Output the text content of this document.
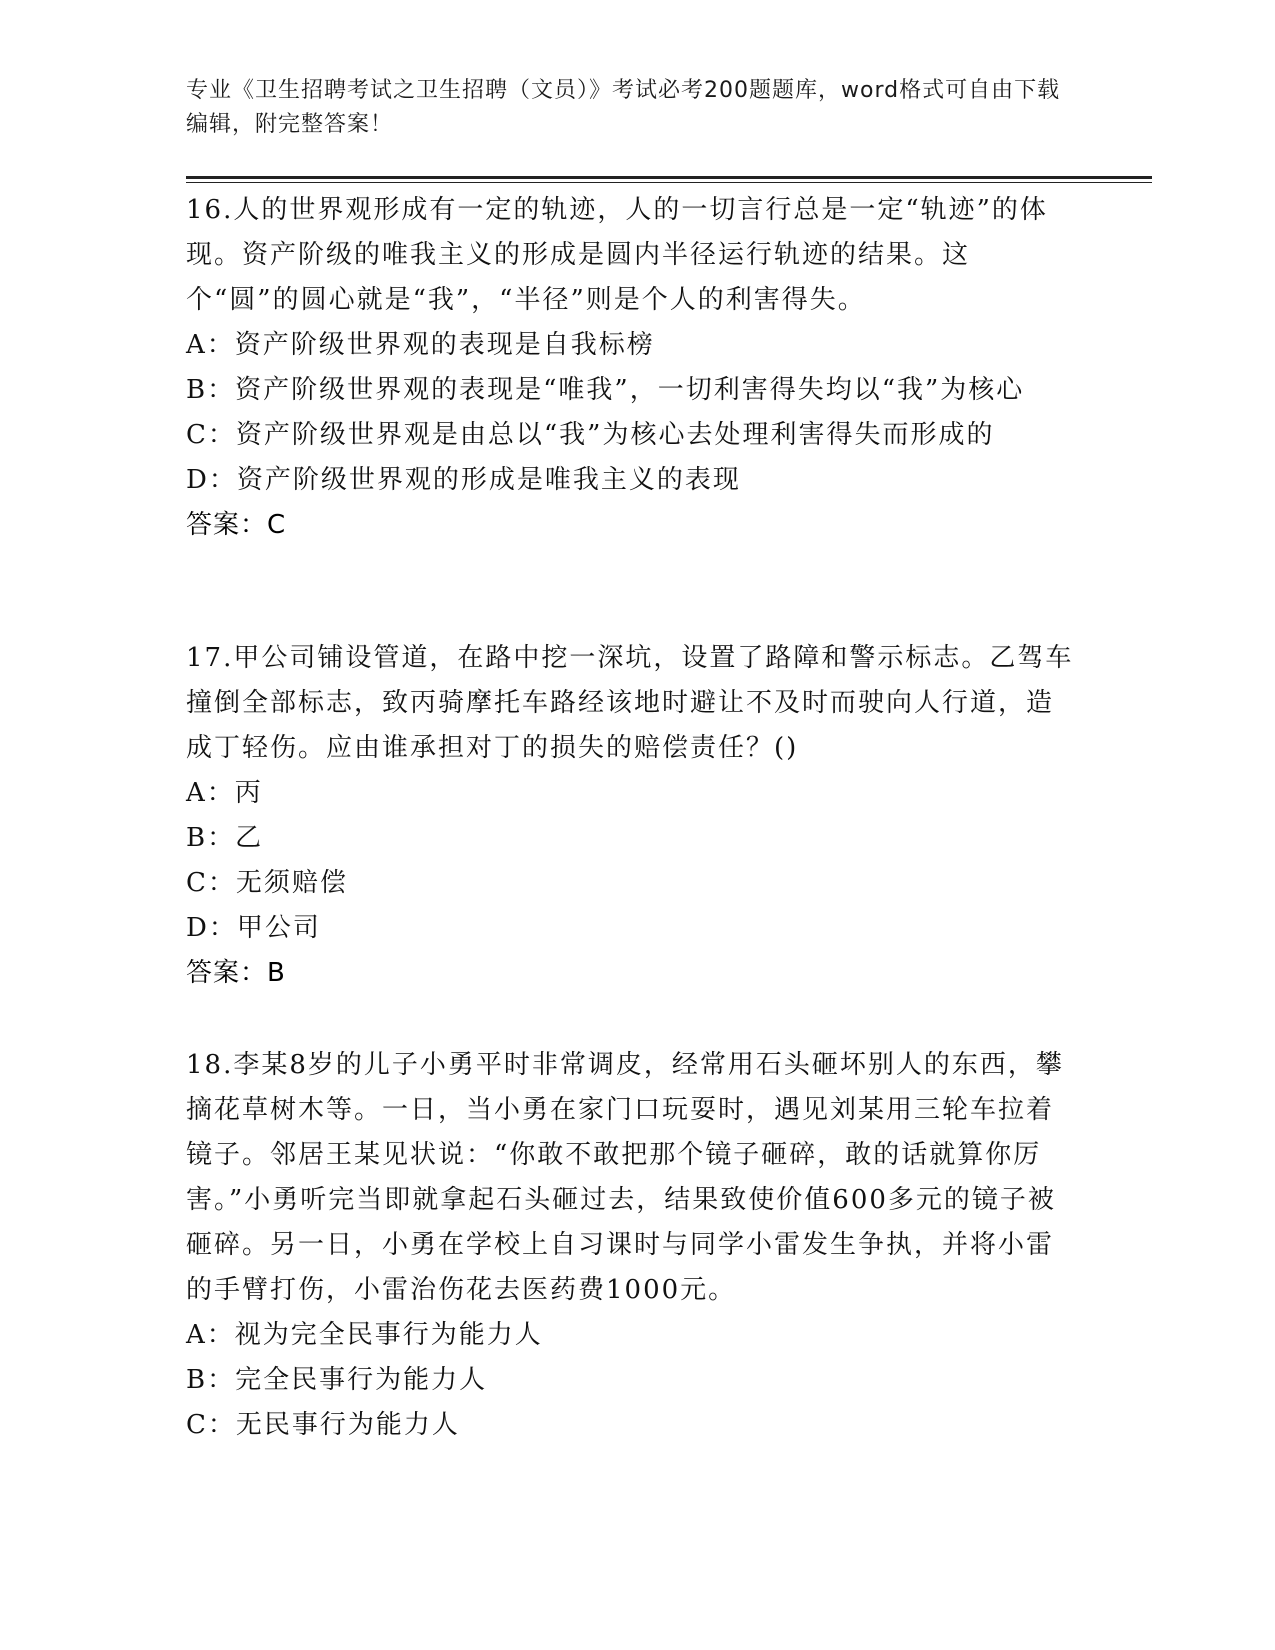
专业《卫生招聘考试之卫生招聘（文员）》考试必考200题题库，word格式可自由下载编辑，附完整答案！

16.人的世界观形成有一定的轨迹，人的一切言行总是一定“轨迹”的体现。资产阶级的唯我主义的形成是圆内半径运行轨迹的结果。这个“圆”的圆心就是“我”，“半径”则是个人的利害得失。

A：资产阶级世界观的表现是自我标榜

B：资产阶级世界观的表现是“唯我”，一切利害得失均以“我”为核心

C：资产阶级世界观是由总以“我”为核心去处理利害得失而形成的

D：资产阶级世界观的形成是唯我主义的表现

答案：C

17.甲公司铺设管道，在路中挖一深坑，设置了路障和警示标志。乙驾车撞倒全部标志，致丙骑摩托车路经该地时避让不及时而驶向人行道，造成丁轻伤。应由谁承担对丁的损失的赔偿责任？()

A：丙

B：乙

C：无须赔偿

D：甲公司

答案：B

18.李某8岁的儿子小勇平时非常调皮，经常用石头砸坏别人的东西，攀摘花草树木等。一日，当小勇在家门口玩耍时，遇见刘某用三轮车拉着镜子。邻居王某见状说：“你敢不敢把那个镜子砸碎，敢的话就算你厉害。”小勇听完当即就拿起石头砸过去，结果致使价值600多元的镜子被砸碎。另一日，小勇在学校上自习课时与同学小雷发生争执，并将小雷的手臂打伤，小雷治伤花去医药费1000元。

A：视为完全民事行为能力人

B：完全民事行为能力人

C：无民事行为能力人
